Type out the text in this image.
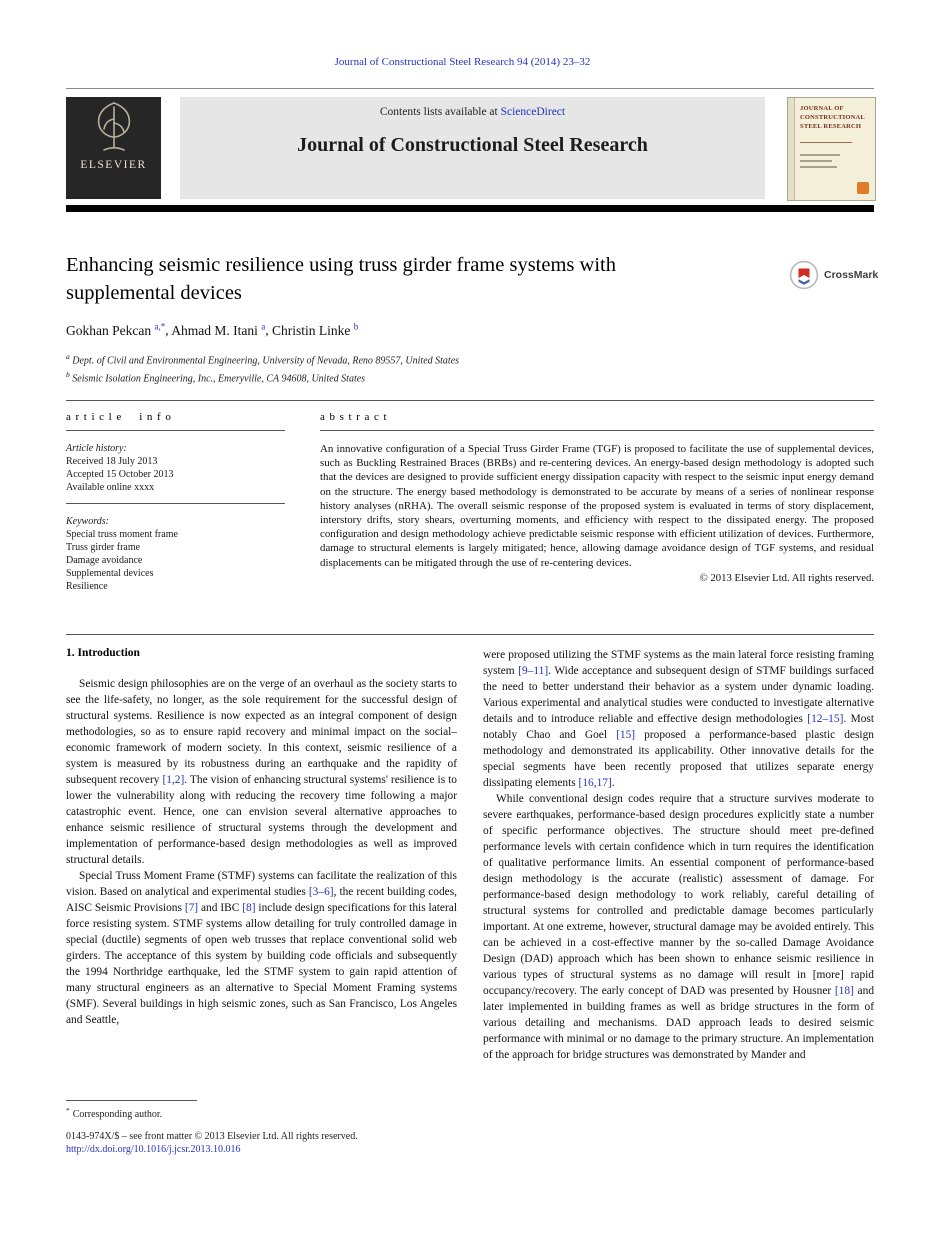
Journal of Constructional Steel Research 94 (2014) 23–32
ELSEVIER
Contents lists available at ScienceDirect
Journal of Constructional Steel Research
JOURNAL OF CONSTRUCTIONAL STEEL RESEARCH
Enhancing seismic resilience using truss girder frame systems with supplemental devices
CrossMark
Gokhan Pekcan $^{a,*}$, Ahmad M. Itani $^a$, Christin Linke $^b$
$^a$ Dept. of Civil and Environmental Engineering, University of Nevada, Reno 89557, United States
$^b$ Seismic Isolation Engineering, Inc., Emeryville, CA 94608, United States
article info
Article history:
Received 18 July 2013
Accepted 15 October 2013
Available online xxxx
Keywords:
Special truss moment frame
Truss girder frame
Damage avoidance
Supplemental devices
Resilience
abstract

An innovative configuration of a Special Truss Girder Frame (TGF) is proposed to facilitate the use of supplemental devices, such as Buckling Restrained Braces (BRBs) and re-centering devices. An energy-based design methodology is adopted such that the devices are designed to provide sufficient energy dissipation capacity with respect to the seismic input energy demand on the structure. The energy based methodology is demonstrated to be accurate by means of a series of nonlinear response history analyses (nRHA). The overall seismic response of the proposed system is evaluated in terms of story displacement, interstory drifts, story shears, overturning moments, and efficiency with respect to the dissipated energy. The proposed configuration and design methodology achieve predictable seismic response with efficient utilization of devices. Furthermore, damage to structural elements is largely mitigated; hence, allowing damage avoidance design of TGF systems, and residual displacements can be mitigated through the use of re-centering devices.

© 2013 Elsevier Ltd. All rights reserved.
1. Introduction

Seismic design philosophies are on the verge of an overhaul as the society starts to see the life-safety, no longer, as the sole requirement for the successful design of structural systems. Resilience is now expected as an integral component of design methodologies, so as to ensure rapid recovery and minimal impact on the social–economic framework of modern society. In this context, seismic resilience of a system is measured by its robustness during an earthquake and the rapidity of subsequent recovery [1,2]. The vision of enhancing structural systems' resilience is to lower the vulnerability along with reducing the recovery time following a major catastrophic event. Hence, one can envision several alternative approaches to enhance seismic resilience of structural systems through the development and implementation of performance-based design methodologies as well as improved structural details.

Special Truss Moment Frame (STMF) systems can facilitate the realization of this vision. Based on analytical and experimental studies [3–6], the recent building codes, AISC Seismic Provisions [7] and IBC [8] include design specifications for this lateral force resisting system. STMF systems allow detailing for truly controlled damage in special (ductile) segments of open web trusses that replace conventional solid web girders. The acceptance of this system by building code officials and subsequently the 1994 Northridge earthquake, led the STMF system to gain rapid attention of many structural engineers as an alternative to Special Moment Framing systems (SMF). Several buildings in high seismic zones, such as San Francisco, Los Angeles and Seattle,

were proposed utilizing the STMF systems as the main lateral force resisting framing system [9–11]. Wide acceptance and subsequent design of STMF buildings surfaced the need to better understand their behavior as a system under dynamic loading. Various experimental and analytical studies were conducted to investigate alternative details and to introduce reliable and effective design methodologies [12–15]. Most notably Chao and Goel [15] proposed a performance-based plastic design methodology and demonstrated its applicability. Other innovative details for the special segments have been recently proposed that utilizes separate energy dissipating elements [16,17].

While conventional design codes require that a structure survives moderate to severe earthquakes, performance-based design procedures explicitly state a number of specific performance objectives. The structure should meet pre-defined performance levels with certain confidence which in turn requires the identification of qualitative performance limits. An essential component of performance-based design methodology is the accurate (realistic) assessment of damage. For performance-based design methodology to work reliably, careful detailing of structural systems for controlled and predictable damage becomes particularly important. At one extreme, however, structural damage may be avoided entirely. This can be achieved in a cost-effective manner by the so-called Damage Avoidance Design (DAD) approach which has been shown to enhance seismic resilience in various types of structural systems as no damage will result in [more] rapid occupancy/recovery. The early concept of DAD was presented by Housner [18] and later implemented in building frames as well as bridge structures in the form of various detailing and mechanisms. DAD approach leads to desired seismic performance with minimal or no damage to the primary structure. An implementation of the approach for bridge structures was demonstrated by Mander and

* Corresponding author.
0143-974X/$ – see front matter © 2013 Elsevier Ltd. All rights reserved.
http://dx.doi.org/10.1016/j.jcsr.2013.10.016
